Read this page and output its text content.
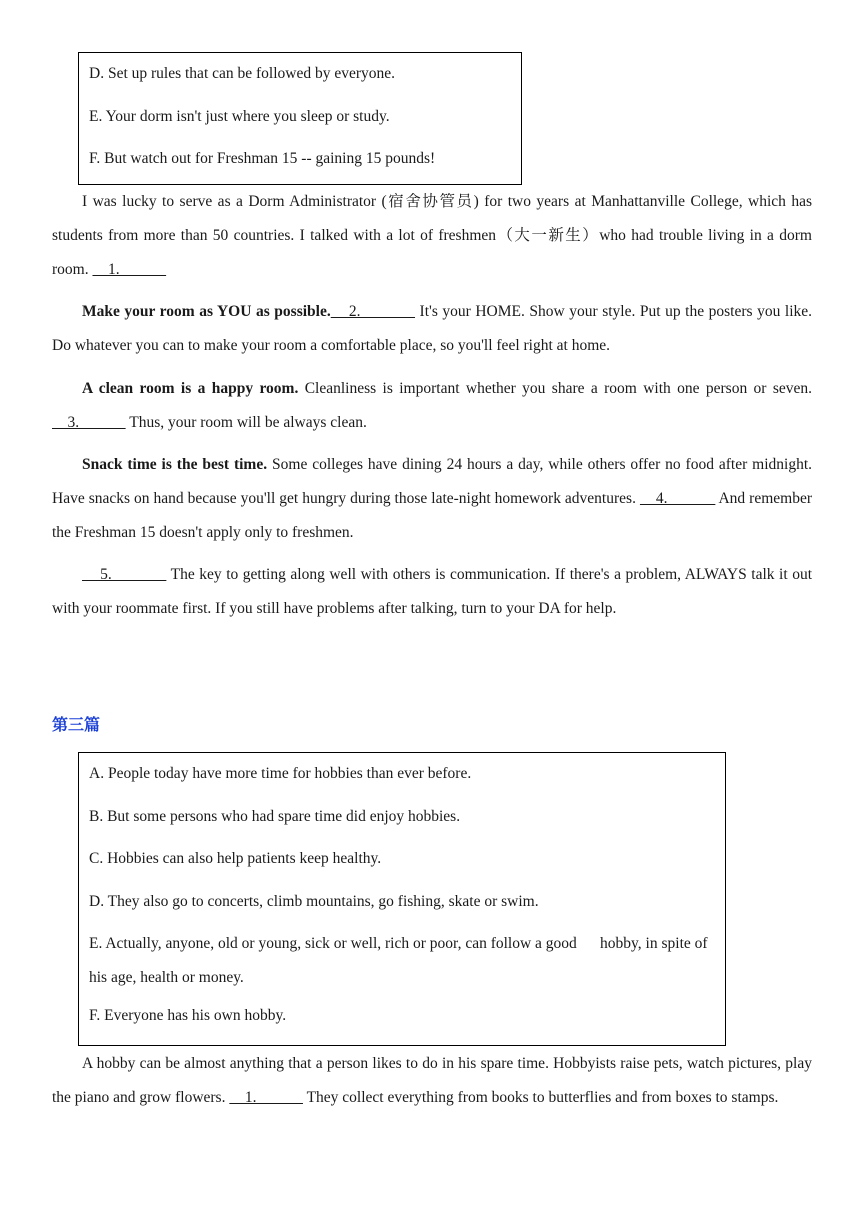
D. Set up rules that can be followed by everyone.

E. Your dorm isn't just where you sleep or study.

F. But watch out for Freshman 15 -- gaining 15 pounds!

I was lucky to serve as a Dorm Administrator (宿舍协管员) for two years at Manhattanville College, which has students from more than 50 countries. I talked with a lot of freshmen（大一新生）who had trouble living in a dorm room.     1.

Make your room as YOU as possible.    2.             It's your HOME. Show your style. Put up the posters you like. Do whatever you can to make your room a comfortable place, so you'll feel right at home.

A clean room is a happy room. Cleanliness is important whether you share a room with one person or seven.     3.             Thus, your room will be always clean.

Snack time is the best time. Some colleges have dining 24 hours a day, while others offer no food after midnight. Have snacks on hand because you'll get hungry during those late-night homework adventures.     4.             And remember the Freshman 15 doesn't apply only to freshmen.

5.             The key to getting along well with others is communication. If there's a problem, ALWAYS talk it out with your roommate first. If you still have problems after talking, turn to your DA for help.

第三篇

A. People today have more time for hobbies than ever before.

B. But some persons who had spare time did enjoy hobbies.

C. Hobbies can also help patients keep healthy.

D. They also go to concerts, climb mountains, go fishing, skate or swim.

E. Actually, anyone, old or young, sick or well, rich or poor, can follow a good      hobby, in spite of his age, health or money.

F. Everyone has his own hobby.

A hobby can be almost anything that a person likes to do in his spare time. Hobbyists raise pets, watch pictures, play the piano and grow flowers.     1.             They collect everything from books to butterflies and from boxes to stamps.
